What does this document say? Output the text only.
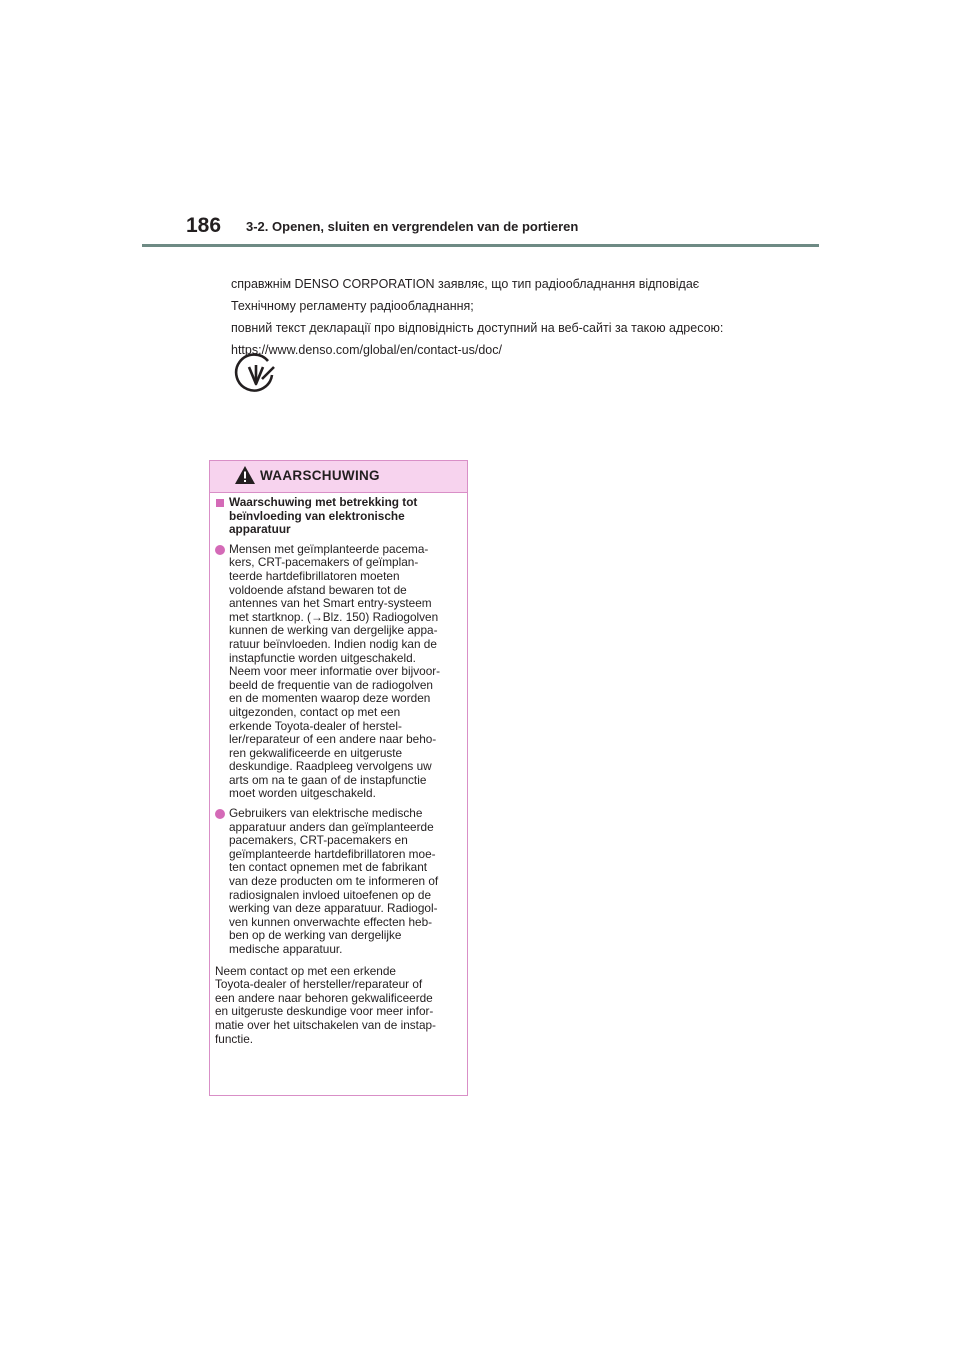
186 3-2. Openen, sluiten en vergrendelen van de portieren
справжнім DENSO CORPORATION заявляє, що тип радіообладнання відповідає
Технічному регламенту радіообладнання;
повний текст декларації про відповідність доступний на веб-сайті за такою адресою:
https://www.denso.com/global/en/contact-us/doc/
WAARSCHUWING
Waarschuwing met betrekking tot
beïnvloeding van elektronische
apparatuur
Mensen met geïmplanteerde pacema-
kers, CRT-pacemakers of geïmplan-
teerde hartdefibrillatoren moeten
voldoende afstand bewaren tot de
antennes van het Smart entry-systeem
met startknop. (→Blz. 150) Radiogolven
kunnen de werking van dergelijke appa-
ratuur beïnvloeden. Indien nodig kan de
instapfunctie worden uitgeschakeld.
Neem voor meer informatie over bijvoor-
beeld de frequentie van de radiogolven
en de momenten waarop deze worden
uitgezonden, contact op met een
erkende Toyota-dealer of herstel-
ler/reparateur of een andere naar beho-
ren gekwalificeerde en uitgeruste
deskundige. Raadpleeg vervolgens uw
arts om na te gaan of de instapfunctie
moet worden uitgeschakeld.
Gebruikers van elektrische medische
apparatuur anders dan geïmplanteerde
pacemakers, CRT-pacemakers en
geïmplanteerde hartdefibrillatoren moe-
ten contact opnemen met de fabrikant
van deze producten om te informeren of
radiosignalen invloed uitoefenen op de
werking van deze apparatuur. Radiogol-
ven kunnen onverwachte effecten heb-
ben op de werking van dergelijke
medische apparatuur.
Neem contact op met een erkende
Toyota-dealer of hersteller/reparateur of
een andere naar behoren gekwalificeerde
en uitgeruste deskundige voor meer infor-
matie over het uitschakelen van de instap-
functie.
